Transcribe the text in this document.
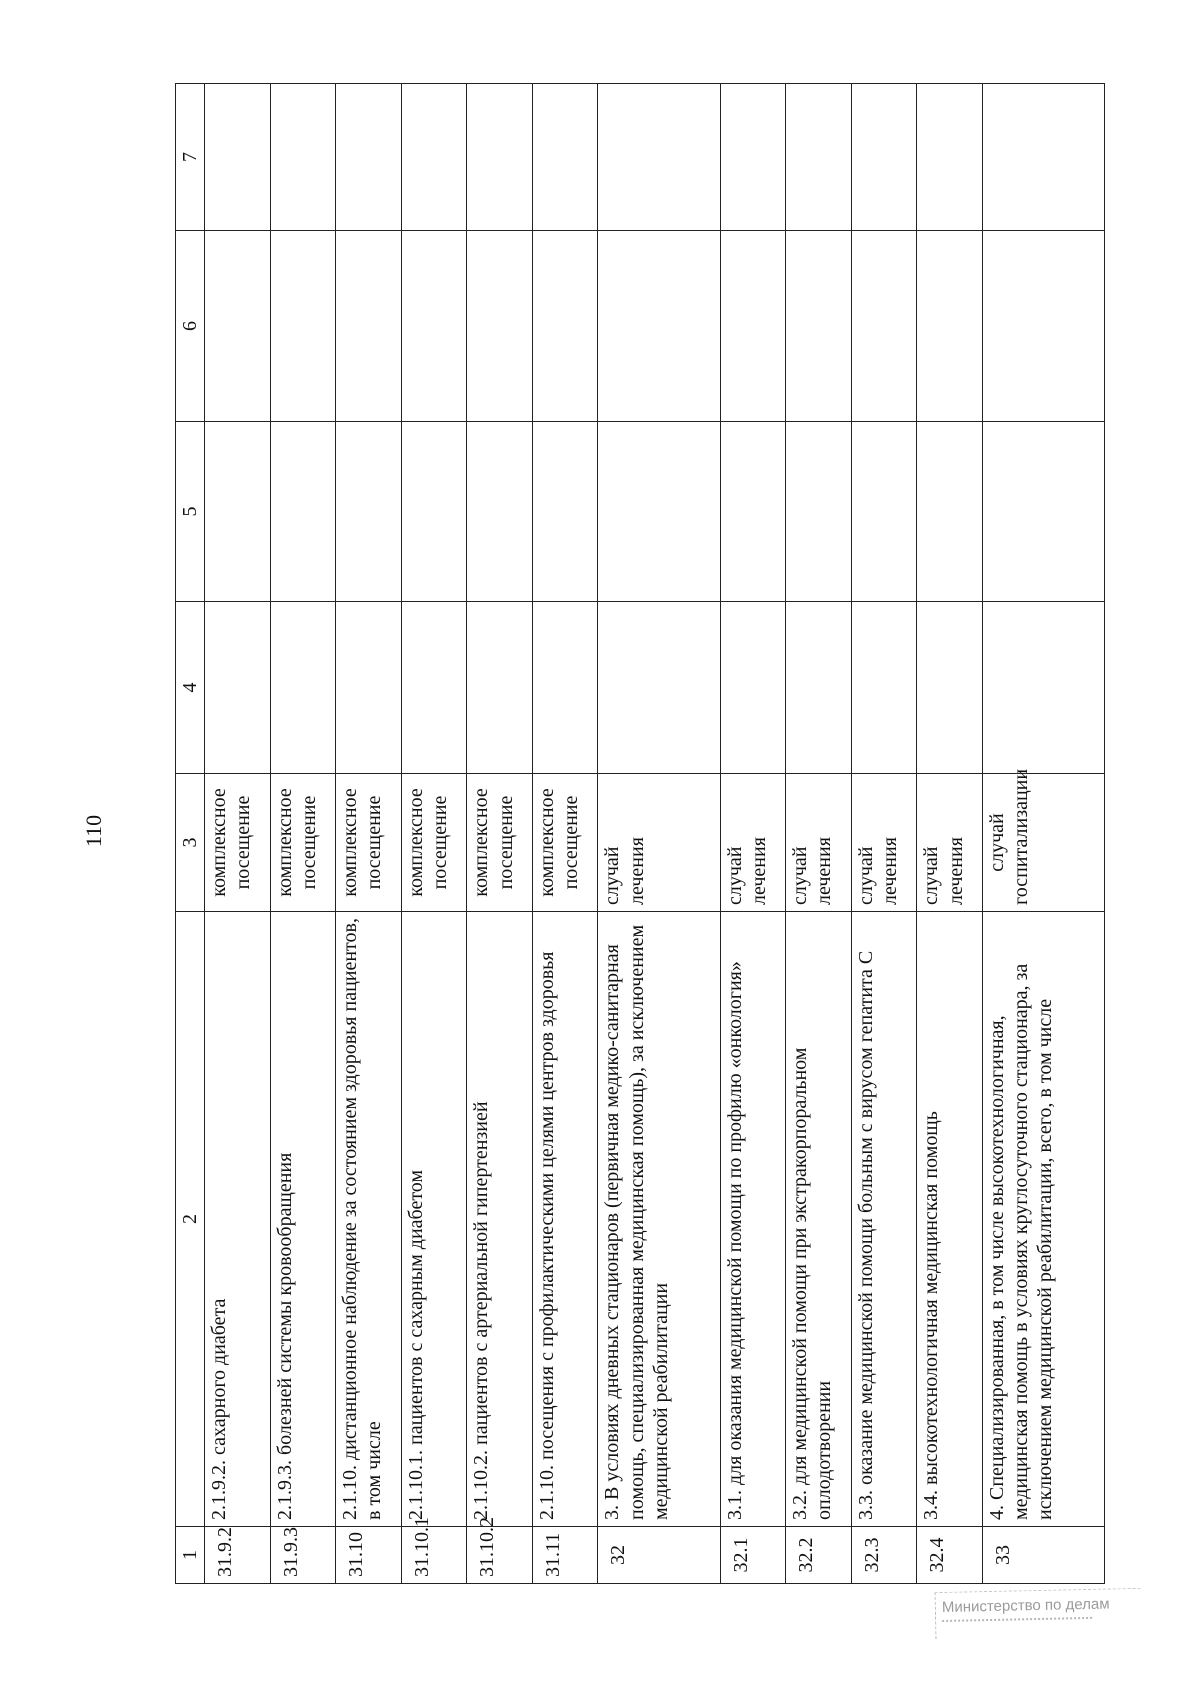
110
1	2	3	4	5	6	7
31.9.2	2.1.9.2. сахарного диабета	комплексное посещение				
31.9.3	2.1.9.3. болезней системы кровообращения	комплексное посещение				
31.10	2.1.10. дистанционное наблюдение за состоянием здоровья пациентов, в том числе	комплексное посещение				
31.10.1	2.1.10.1. пациентов с сахарным диабетом	комплексное посещение				
31.10.2	2.1.10.2. пациентов с артериальной гипертензией	комплексное посещение				
31.11	2.1.10. посещения с профилактическими целями центров здоровья	комплексное посещение				
32	3. В условиях дневных стационаров (первичная медико-санитарная помощь, специализированная медицинская помощь), за исключением медицинской реабилитации	случай лечения				
32.1	3.1. для оказания медицинской помощи по профилю «онкология»	случай лечения				
32.2	3.2. для медицинской помощи при экстракорпоральном оплодотворении	случай лечения				
32.3	3.3. оказание медицинской помощи больным с вирусом гепатита С	случай лечения				
32.4	3.4. высокотехнологичная медицинская помощь	случай лечения				
33	4. Специализированная, в том числе высокотехнологичная, медицинская помощь в условиях круглосуточного стационара, за исключением медицинской реабилитации, всего, в том числе	случай госпитализации				
Министерство по делам
